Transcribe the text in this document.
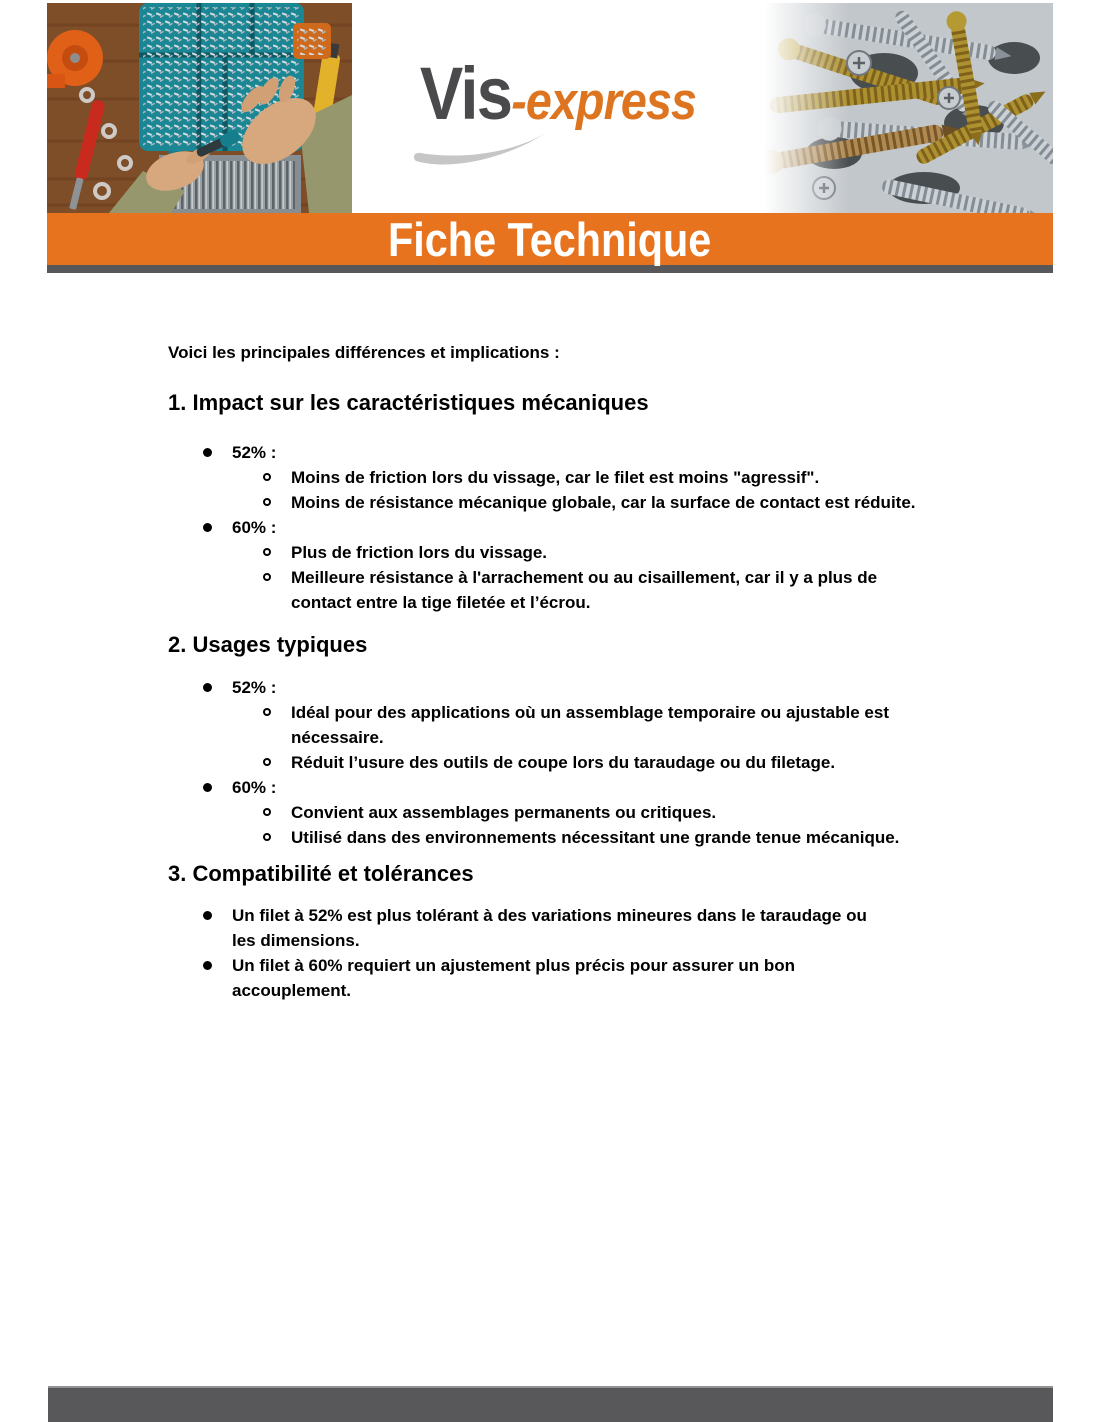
Vis-express
Fiche Technique

Voici les principales différences et implications :

1. Impact sur les caractéristiques mécaniques
52% :
Moins de friction lors du vissage, car le filet est moins "agressif".
Moins de résistance mécanique globale, car la surface de contact est réduite.
60% :
Plus de friction lors du vissage.
Meilleure résistance à l'arrachement ou au cisaillement, car il y a plus de contact entre la tige filetée et l’écrou.
2. Usages typiques
52% :
Idéal pour des applications où un assemblage temporaire ou ajustable est nécessaire.
Réduit l’usure des outils de coupe lors du taraudage ou du filetage.
60% :
Convient aux assemblages permanents ou critiques.
Utilisé dans des environnements nécessitant une grande tenue mécanique.
3. Compatibilité et tolérances
Un filet à 52% est plus tolérant à des variations mineures dans le taraudage ou les dimensions.
Un filet à 60% requiert un ajustement plus précis pour assurer un bon accouplement.
